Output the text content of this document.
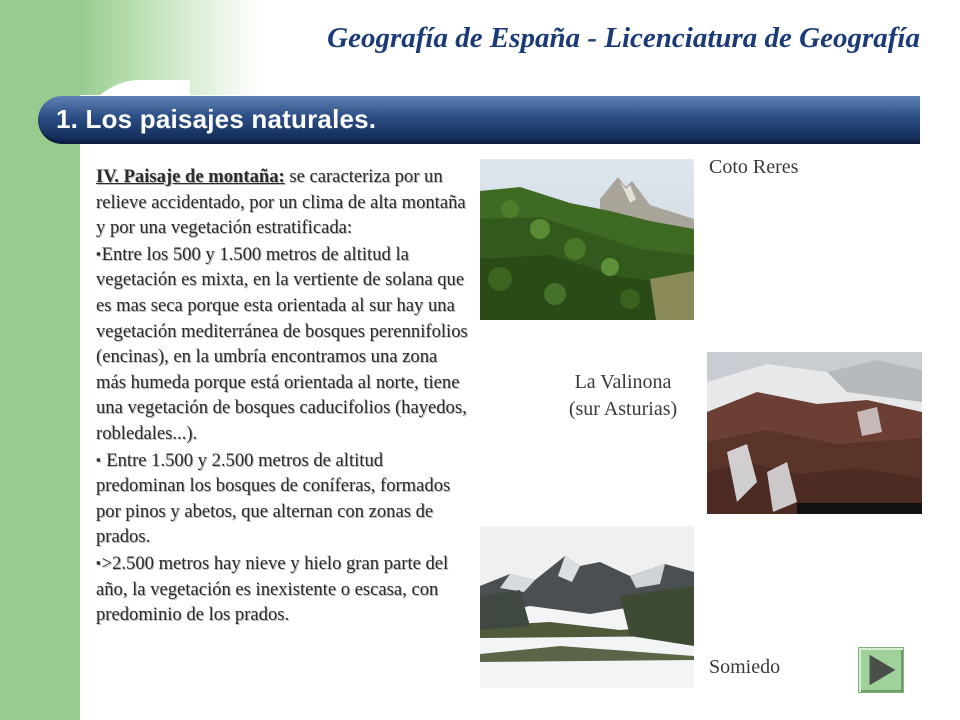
Geografía de España - Licenciatura de Geografía
1. Los paisajes naturales.

IV. Paisaje de montaña: se caracteriza por un relieve accidentado, por un clima de alta montaña y por una vegetación estratificada:

▪Entre los 500 y 1.500 metros de altitud la vegetación es mixta, en la vertiente de solana que es mas seca porque esta orientada al sur hay una vegetación mediterránea de bosques perennifolios (encinas), en la umbría encontramos una zona más humeda porque está orientada al norte, tiene una vegetación de bosques caducifolios (hayedos, robledales...).

▪ Entre 1.500 y 2.500 metros de altitud predominan los bosques de coníferas, formados por pinos y abetos, que alternan con zonas de prados.

▪>2.500 metros hay nieve y hielo gran parte del año, la vegetación es inexistente o escasa, con predominio de los prados.

Coto Reres
La Valinona
(sur Asturias)
Somiedo
